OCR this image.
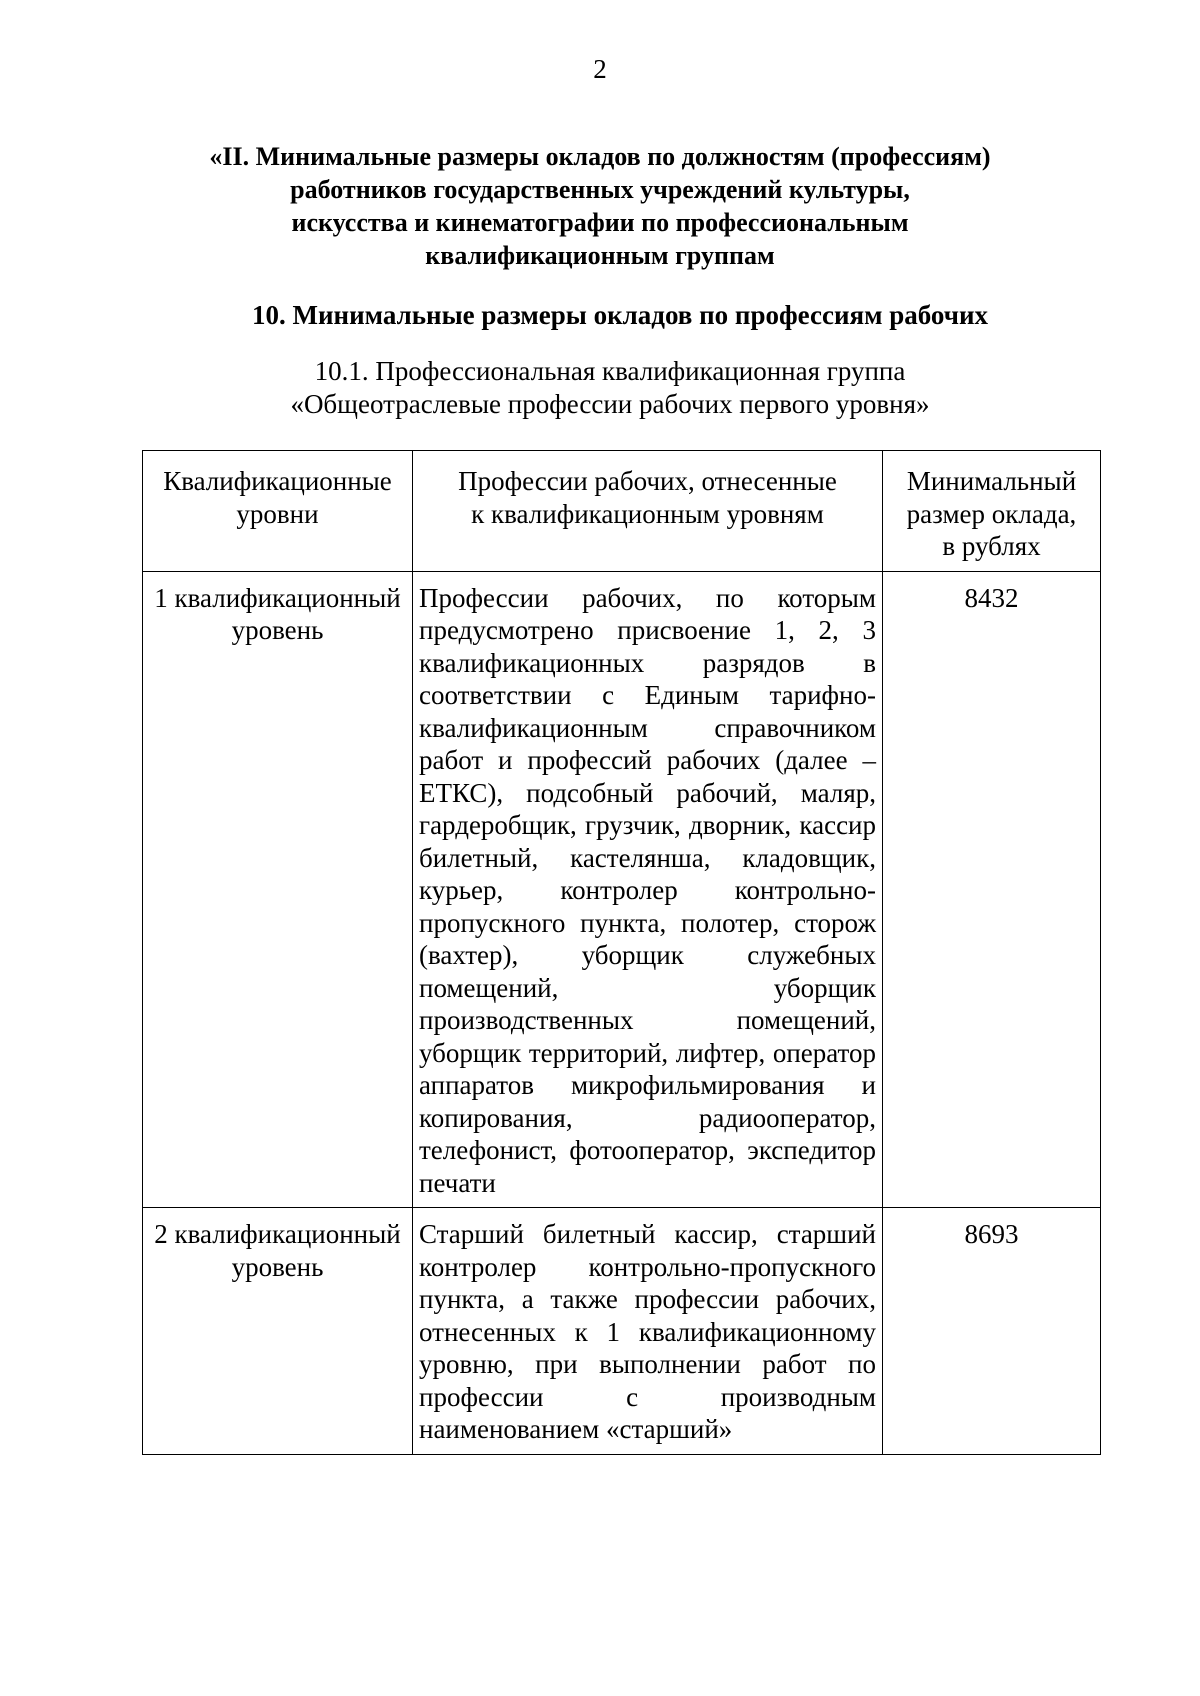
2
«II. Минимальные размеры окладов по должностям (профессиям)
работников государственных учреждений культуры,
искусства и кинематографии по профессиональным
квалификационным группам
10. Минимальные размеры окладов по профессиям рабочих
10.1. Профессиональная квалификационная группа
«Общеотраслевые профессии рабочих первого уровня»
Квалификационные
уровни	Профессии рабочих, отнесенные
к квалификационным уровням	Минимальный
размер оклада,
в рублях

1 квалификационный
уровень	Профессии рабочих, по которым предусмотрено присвоение 1, 2, 3 квалификационных разрядов в соответствии с Единым тарифно-квалификационным справочником работ и профессий рабочих (далее – ЕТКС), подсобный рабочий, маляр, гардеробщик, грузчик, дворник, кассир билетный, кастелянша, кладовщик, курьер, контролер контрольно-пропускного пункта, полотер, сторож (вахтер), уборщик служебных помещений, уборщик производственных помещений, уборщик территорий, лифтер, оператор аппаратов микрофильмирования и копирования, радиооператор, телефонист, фотооператор, экспедитор печати	8432

2 квалификационный
уровень	Старший билетный кассир, старший контролер контрольно-пропускного пункта, а также профессии рабочих, отнесенных к 1 квалификационному уровню, при выполнении работ по профессии с производным наименованием «старший»	8693
